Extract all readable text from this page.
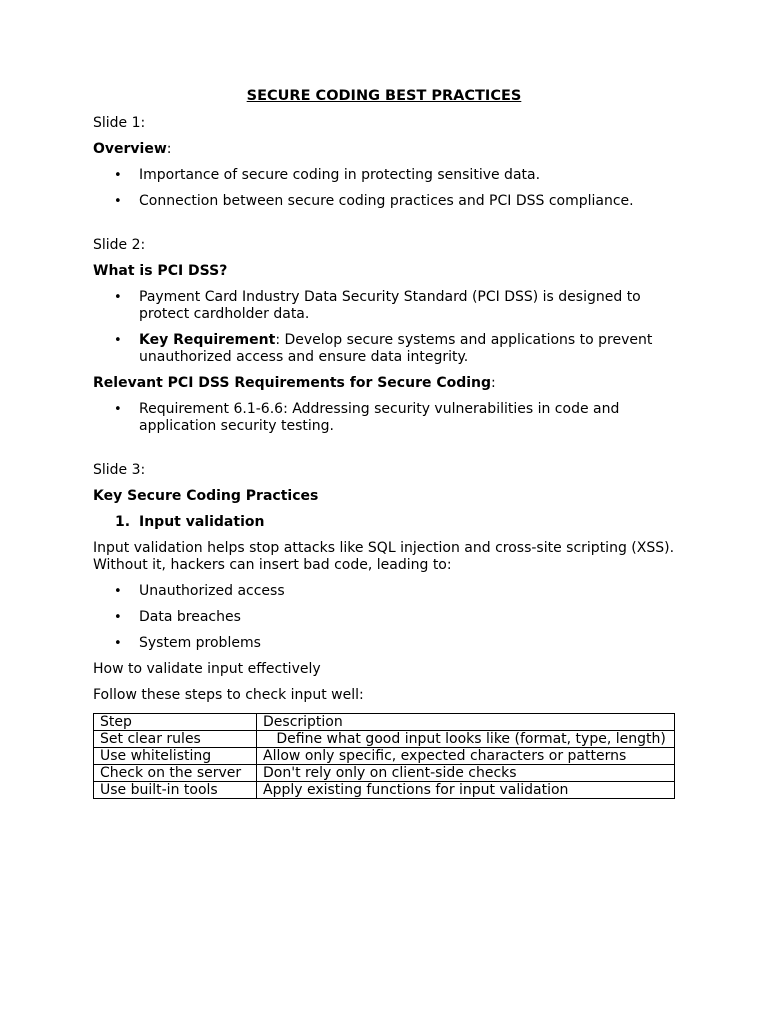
SECURE CODING BEST PRACTICES

Slide 1:

Overview:

• Importance of secure coding in protecting sensitive data.
• Connection between secure coding practices and PCI DSS compliance.

Slide 2:

What is PCI DSS?

• Payment Card Industry Data Security Standard (PCI DSS) is designed to protect cardholder data.
• Key Requirement: Develop secure systems and applications to prevent unauthorized access and ensure data integrity.

Relevant PCI DSS Requirements for Secure Coding:

• Requirement 6.1-6.6: Addressing security vulnerabilities in code and application security testing.

Slide 3:

Key Secure Coding Practices

1. Input validation

Input validation helps stop attacks like SQL injection and cross-site scripting (XSS). Without it, hackers can insert bad code, leading to:

• Unauthorized access
• Data breaches
• System problems

How to validate input effectively

Follow these steps to check input well:

Step	Description
Set clear rules	Define what good input looks like (format, type, length)
Use whitelisting	Allow only specific, expected characters or patterns
Check on the server	Don't rely only on client-side checks
Use built-in tools	Apply existing functions for input validation
